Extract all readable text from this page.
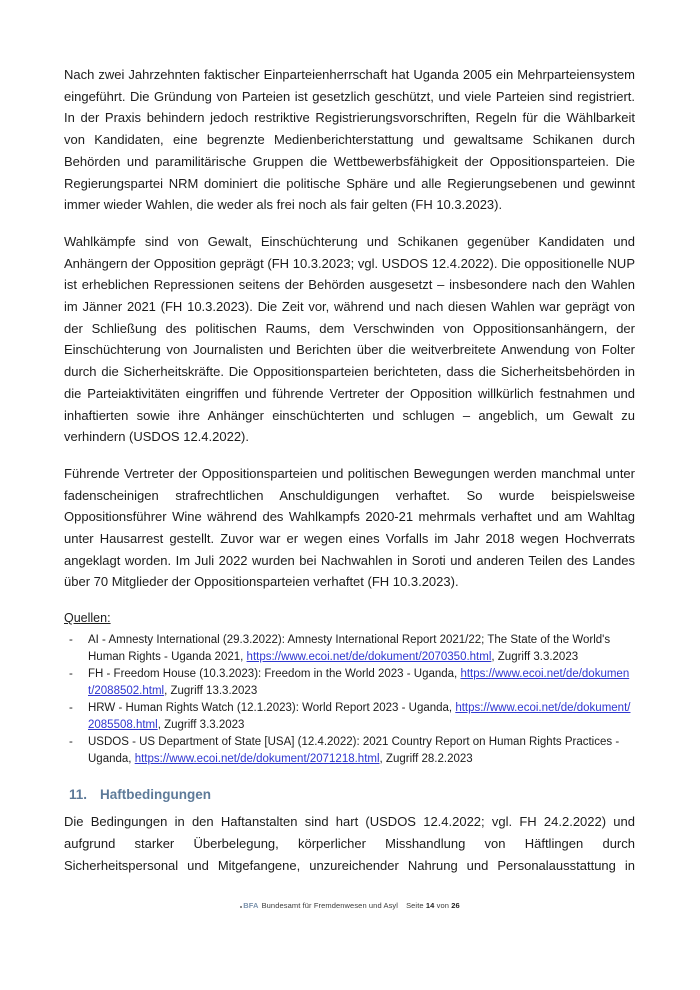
Nach zwei Jahrzehnten faktischer Einparteienherrschaft hat Uganda 2005 ein Mehrparteiensystem eingeführt. Die Gründung von Parteien ist gesetzlich geschützt, und viele Parteien sind registriert. In der Praxis behindern jedoch restriktive Registrierungsvorschriften, Regeln für die Wählbarkeit von Kandidaten, eine begrenzte Medienberichterstattung und gewaltsame Schikanen durch Behörden und paramilitärische Gruppen die Wettbewerbsfähigkeit der Oppositionsparteien. Die Regierungspartei NRM dominiert die politische Sphäre und alle Regierungsebenen und gewinnt immer wieder Wahlen, die weder als frei noch als fair gelten (FH 10.3.2023).

Wahlkämpfe sind von Gewalt, Einschüchterung und Schikanen gegenüber Kandidaten und Anhängern der Opposition geprägt (FH 10.3.2023; vgl. USDOS 12.4.2022). Die oppositionelle NUP ist erheblichen Repressionen seitens der Behörden ausgesetzt – insbesondere nach den Wahlen im Jänner 2021 (FH 10.3.2023). Die Zeit vor, während und nach diesen Wahlen war geprägt von der Schließung des politischen Raums, dem Verschwinden von Oppositionsanhängern, der Einschüchterung von Journalisten und Berichten über die weitverbreitete Anwendung von Folter durch die Sicherheitskräfte. Die Oppositionsparteien berichteten, dass die Sicherheitsbehörden in die Parteiaktivitäten eingriffen und führende Vertreter der Opposition willkürlich festnahmen und inhaftierten sowie ihre Anhänger einschüchterten und schlugen – angeblich, um Gewalt zu verhindern (USDOS 12.4.2022).

Führende Vertreter der Oppositionsparteien und politischen Bewegungen werden manchmal unter fadenscheinigen strafrechtlichen Anschuldigungen verhaftet. So wurde beispielsweise Oppositionsführer Wine während des Wahlkampfs 2020-21 mehrmals verhaftet und am Wahltag unter Hausarrest gestellt. Zuvor war er wegen eines Vorfalls im Jahr 2018 wegen Hochverrats angeklagt worden. Im Juli 2022 wurden bei Nachwahlen in Soroti und anderen Teilen des Landes über 70 Mitglieder der Oppositionsparteien verhaftet (FH 10.3.2023).

Quellen:
- AI - Amnesty International (29.3.2022): Amnesty International Report 2021/22; The State of the World's Human Rights - Uganda 2021, https://www.ecoi.net/de/dokument/2070350.html, Zugriff 3.3.2023
- FH - Freedom House (10.3.2023): Freedom in the World 2023 - Uganda, https://www.ecoi.net/de/dokument/2088502.html, Zugriff 13.3.2023
- HRW - Human Rights Watch (12.1.2023): World Report 2023 - Uganda, https://www.ecoi.net/de/dokument/2085508.html, Zugriff 3.3.2023
- USDOS - US Department of State [USA] (12.4.2022): 2021 Country Report on Human Rights Practices - Uganda, https://www.ecoi.net/de/dokument/2071218.html, Zugriff 28.2.2023
11. Haftbedingungen

Die Bedingungen in den Haftanstalten sind hart (USDOS 12.4.2022; vgl. FH 24.2.2022) und aufgrund starker Überbelegung, körperlicher Misshandlung von Häftlingen durch Sicherheitspersonal und Mitgefangene, unzureichender Nahrung und Personalausstattung in

BFA Bundesamt für Fremdenwesen und Asyl Seite 14 von 26
